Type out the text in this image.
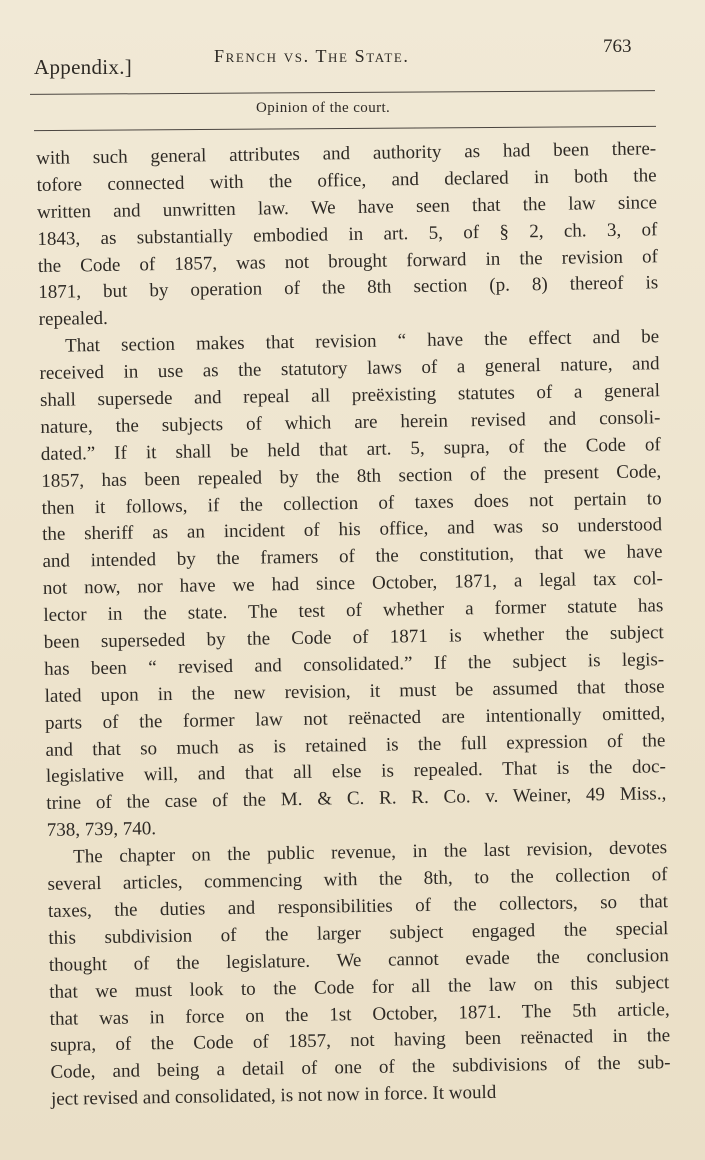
Appendix.]	French vs. The State.	763
Opinion of the court.
with such general attributes and authority as had been there-
tofore connected with the office, and declared in both the
written and unwritten law. We have seen that the law since
1843, as substantially embodied in art. 5, of § 2, ch. 3, of
the Code of 1857, was not brought forward in the revision of
1871, but by operation of the 8th section (p. 8) thereof is
repealed.
That section makes that revision “ have the effect and be
received in use as the statutory laws of a general nature, and
shall supersede and repeal all preëxisting statutes of a general
nature, the subjects of which are herein revised and consoli-
dated.” If it shall be held that art. 5, supra, of the Code of
1857, has been repealed by the 8th section of the present Code,
then it follows, if the collection of taxes does not pertain to
the sheriff as an incident of his office, and was so understood
and intended by the framers of the constitution, that we have
not now, nor have we had since October, 1871, a legal tax col-
lector in the state. The test of whether a former statute has
been superseded by the Code of 1871 is whether the subject
has been “ revised and consolidated.” If the subject is legis-
lated upon in the new revision, it must be assumed that those
parts of the former law not reënacted are intentionally omitted,
and that so much as is retained is the full expression of the
legislative will, and that all else is repealed. That is the doc-
trine of the case of the M. & C. R. R. Co. v. Weiner, 49 Miss.,
738, 739, 740.
The chapter on the public revenue, in the last revision, devotes
several articles, commencing with the 8th, to the collection of
taxes, the duties and responsibilities of the collectors, so that
this subdivision of the larger subject engaged the special
thought of the legislature. We cannot evade the conclusion
that we must look to the Code for all the law on this subject
that was in force on the 1st October, 1871. The 5th article,
supra, of the Code of 1857, not having been reënacted in the
Code, and being a detail of one of the subdivisions of the sub-
ject revised and consolidated, is not now in force. It would
